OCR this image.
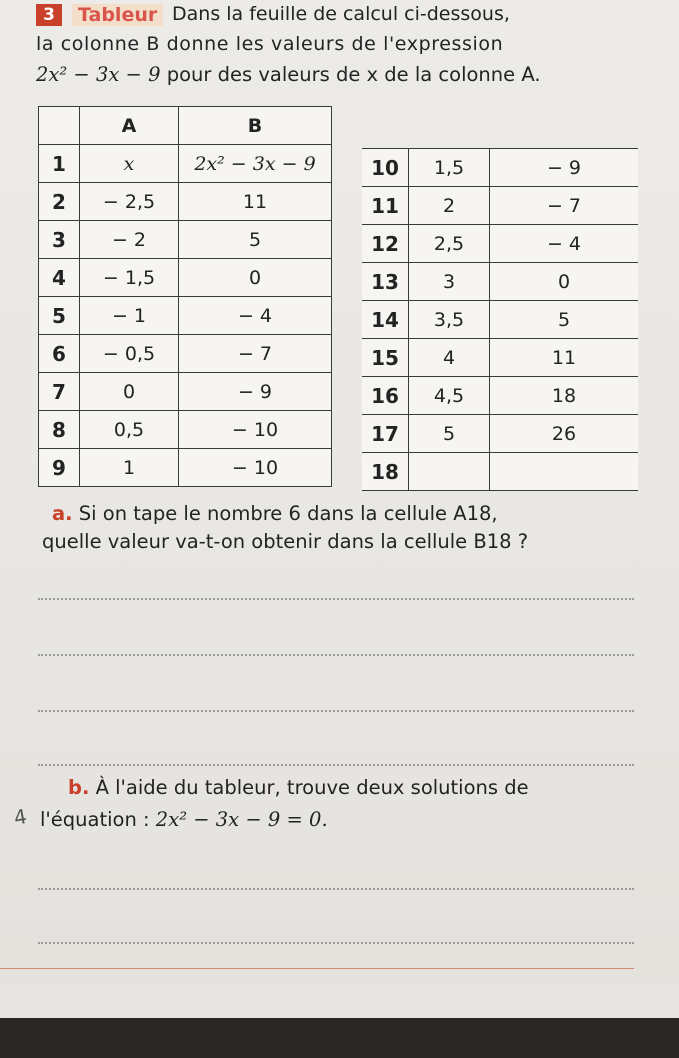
3	Tableur Dans la feuille de calcul ci-dessous,
la colonne B donne les valeurs de l'expression
2x² − 3x − 9 pour des valeurs de x de la colonne A.
	A	B
1	x	2x² − 3x − 9
2	− 2,5	11
3	− 2	5
4	− 1,5	0
5	− 1	− 4
6	− 0,5	− 7
7	0	− 9
8	0,5	− 10
9	1	− 10
10	1,5	− 9
11	2	− 7
12	2,5	− 4
13	3	0
14	3,5	5
15	4	11
16	4,5	18
17	5	26
18		
a. Si on tape le nombre 6 dans la cellule A18,
quelle valeur va-t-on obtenir dans la cellule B18 ?
b. À l'aide du tableur, trouve deux solutions de
4 l'équation : 2x² − 3x − 9 = 0.
